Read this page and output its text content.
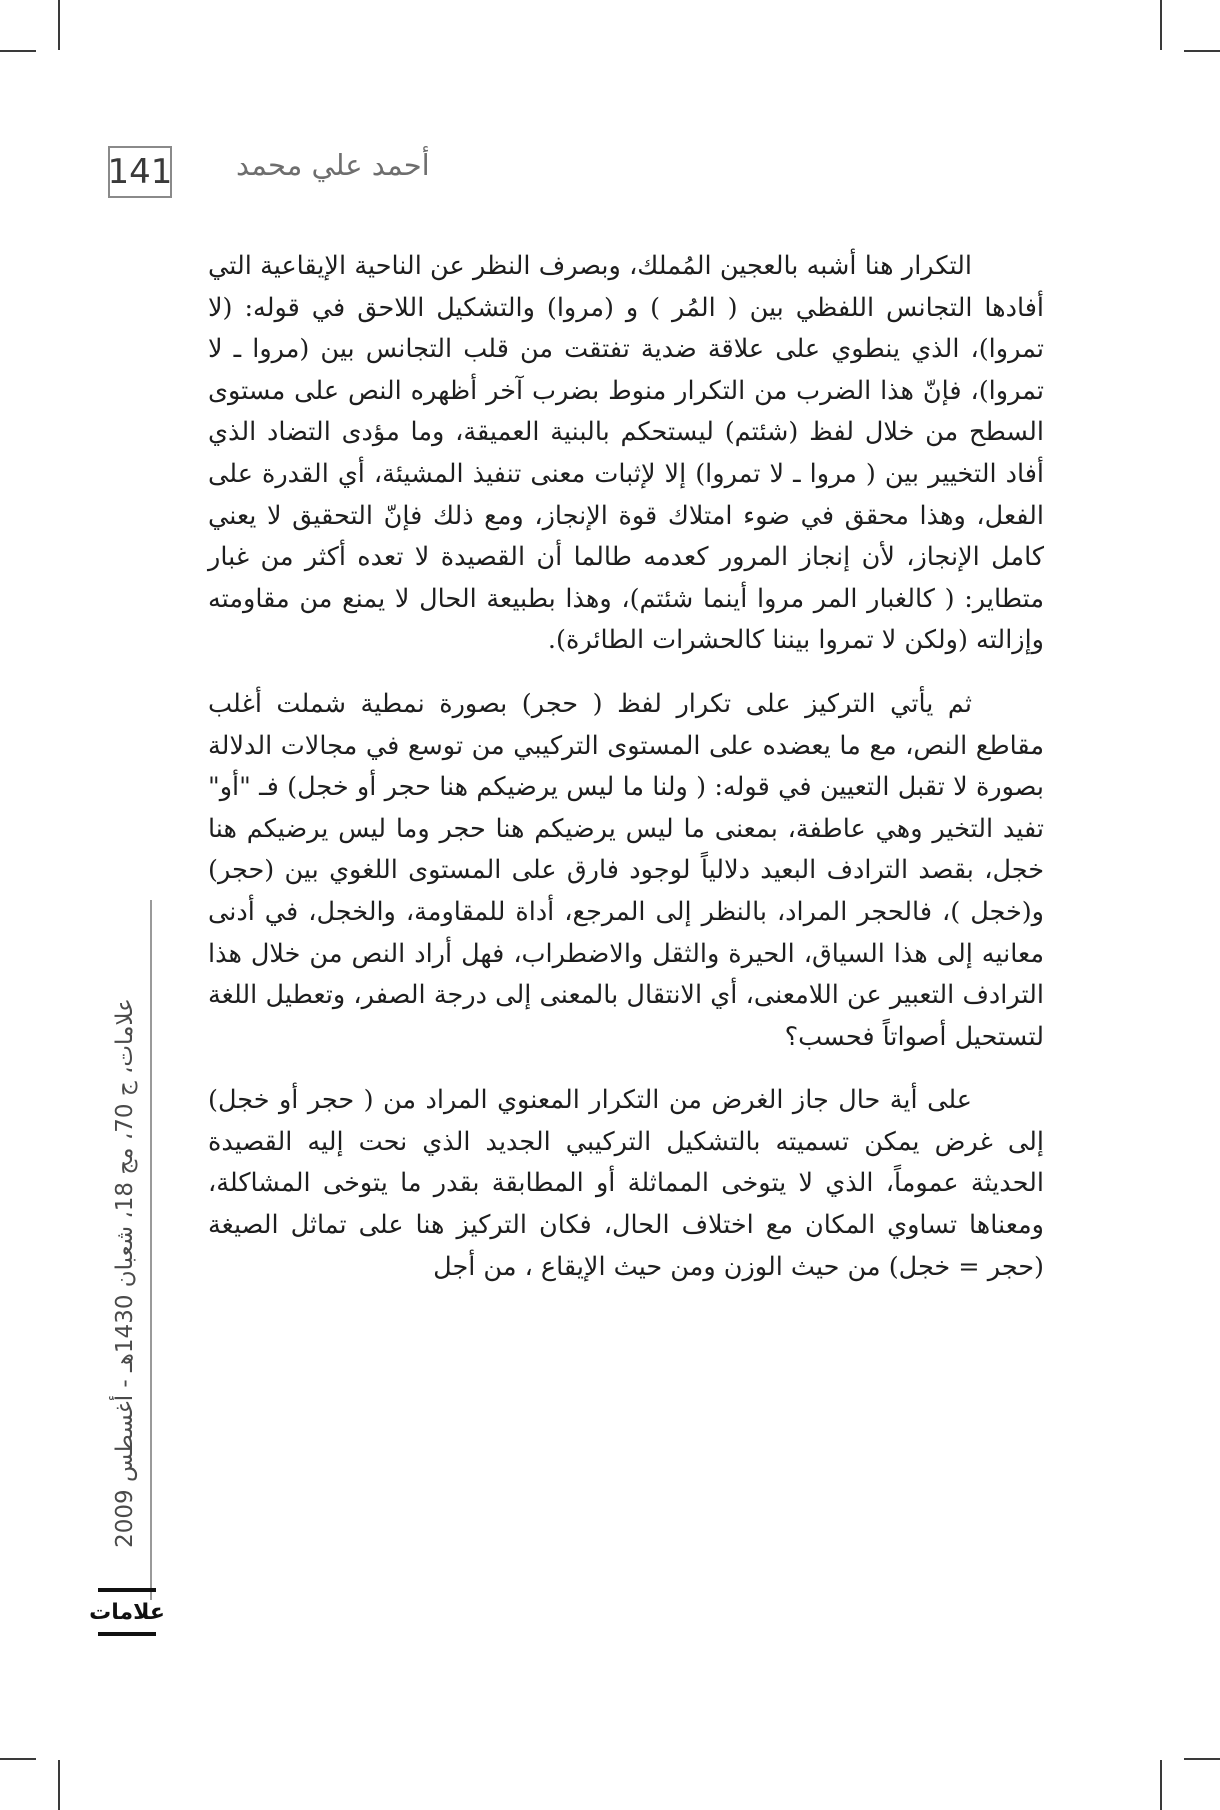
141 أحمد علي محمد

التكرار هنا أشبه بالعجين المُملك، وبصرف النظر عن الناحية الإيقاعية التي أفادها التجانس اللفظي بين ( المُر ) و (مروا) والتشكيل اللاحق في قوله: (لا تمروا)، الذي ينطوي على علاقة ضدية تفتقت من قلب التجانس بين (مروا ـ لا تمروا)، فإنّ هذا الضرب من التكرار منوط بضرب آخر أظهره النص على مستوى السطح من خلال لفظ (شئتم) ليستحكم بالبنية العميقة، وما مؤدى التضاد الذي أفاد التخيير بين ( مروا ـ لا تمروا) إلا لإثبات معنى تنفيذ المشيئة، أي القدرة على الفعل، وهذا محقق في ضوء امتلاك قوة الإنجاز، ومع ذلك فإنّ التحقيق لا يعني كامل الإنجاز، لأن إنجاز المرور كعدمه طالما أن القصيدة لا تعده أكثر من غبار متطاير: ( كالغبار المر مروا أينما شئتم)، وهذا بطبيعة الحال لا يمنع من مقاومته وإزالته (ولكن لا تمروا بيننا كالحشرات الطائرة).

ثم يأتي التركيز على تكرار لفظ ( حجر) بصورة نمطية شملت أغلب مقاطع النص، مع ما يعضده على المستوى التركيبي من توسع في مجالات الدلالة بصورة لا تقبل التعيين في قوله: ( ولنا ما ليس يرضيكم هنا حجر أو خجل) فـ "أو" تفيد التخير وهي عاطفة، بمعنى ما ليس يرضيكم هنا حجر وما ليس يرضيكم هنا خجل، بقصد الترادف البعيد دلالياً لوجود فارق على المستوى اللغوي بين (حجر) و(خجل )، فالحجر المراد، بالنظر إلى المرجع، أداة للمقاومة، والخجل، في أدنى معانيه إلى هذا السياق، الحيرة والثقل والاضطراب، فهل أراد النص من خلال هذا الترادف التعبير عن اللامعنى، أي الانتقال بالمعنى إلى درجة الصفر، وتعطيل اللغة لتستحيل أصواتاً فحسب؟

على أية حال جاز الغرض من التكرار المعنوي المراد من ( حجر أو خجل) إلى غرض يمكن تسميته بالتشكيل التركيبي الجديد الذي نحت إليه القصيدة الحديثة عموماً، الذي لا يتوخى المماثلة أو المطابقة بقدر ما يتوخى المشاكلة، ومعناها تساوي المكان مع اختلاف الحال، فكان التركيز هنا على تماثل الصيغة (حجر = خجل) من حيث الوزن ومن حيث الإيقاع ، من أجل

علامات، ج 70، مج 18، شعبان 1430هـ - أغسطس 2009
علامات
